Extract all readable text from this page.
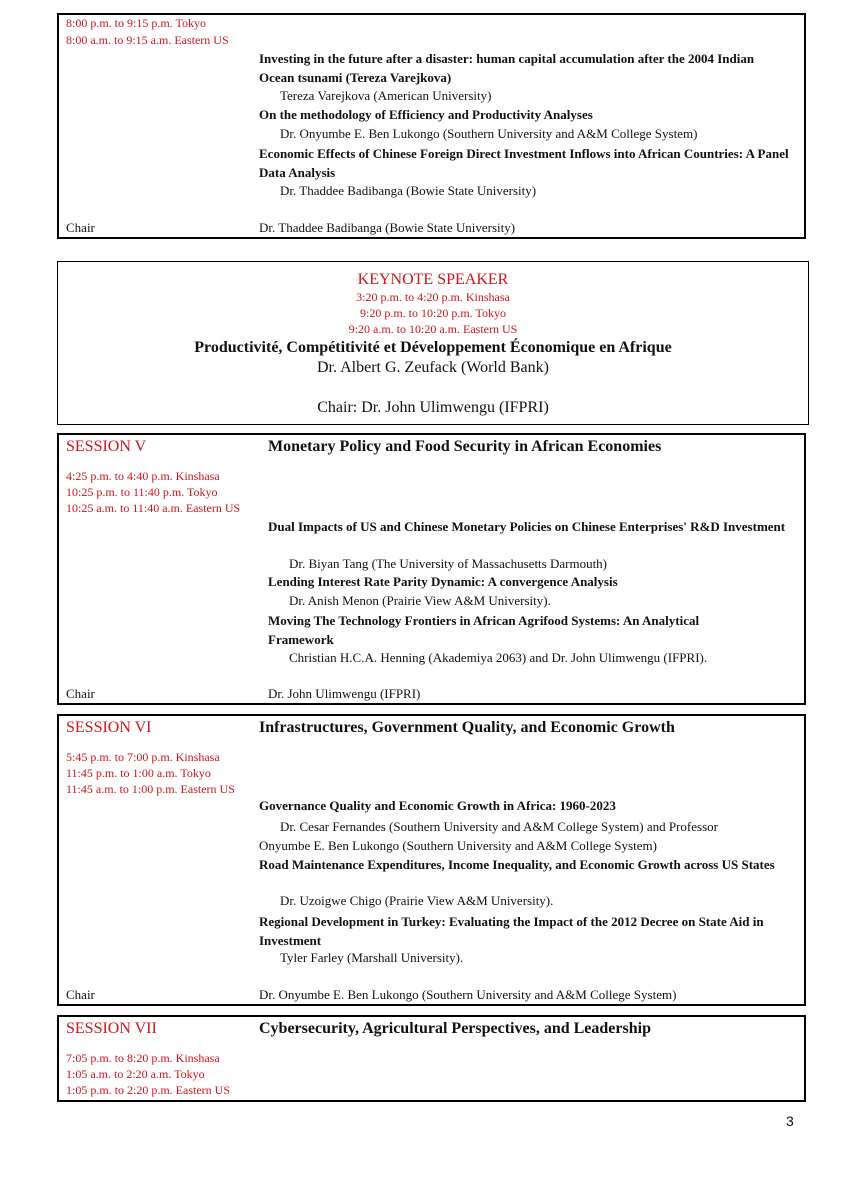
8:00 p.m. to 9:15 p.m. Tokyo
8:00 a.m. to 9:15 a.m. Eastern US
Investing in the future after a disaster: human capital accumulation after the 2004 Indian Ocean tsunami (Tereza Varejkova)
Tereza Varejkova (American University)
On the methodology of Efficiency and Productivity Analyses
Dr. Onyumbe E. Ben Lukongo (Southern University and A&M College System)
Economic Effects of Chinese Foreign Direct Investment Inflows into African Countries: A Panel Data Analysis
Dr. Thaddee Badibanga (Bowie State University)
Chair	Dr. Thaddee Badibanga (Bowie State University)
KEYNOTE SPEAKER
3:20 p.m. to 4:20 p.m. Kinshasa
9:20 p.m. to 10:20 p.m. Tokyo
9:20 a.m. to 10:20 a.m. Eastern US
Productivité, Compétitivité et Développement Économique en Afrique
Dr. Albert G. Zeufack (World Bank)
Chair: Dr. John Ulimwengu (IFPRI)
SESSION V	Monetary Policy and Food Security in African Economies
4:25 p.m. to 4:40 p.m. Kinshasa
10:25 p.m. to 11:40 p.m. Tokyo
10:25 a.m. to 11:40 a.m. Eastern US
Dual Impacts of US and Chinese Monetary Policies on Chinese Enterprises' R&D Investment
Dr. Biyan Tang (The University of Massachusetts Darmouth)
Lending Interest Rate Parity Dynamic: A convergence Analysis
Dr. Anish Menon (Prairie View A&M University).
Moving The Technology Frontiers in African Agrifood Systems: An Analytical Framework
Christian H.C.A. Henning (Akademiya 2063) and Dr. John Ulimwengu (IFPRI).
Chair	Dr. John Ulimwengu (IFPRI)
SESSION VI	Infrastructures, Government Quality, and Economic Growth
5:45 p.m. to 7:00 p.m. Kinshasa
11:45 p.m. to 1:00 a.m. Tokyo
11:45 a.m. to 1:00 p.m. Eastern US
Governance Quality and Economic Growth in Africa: 1960-2023
Dr. Cesar Fernandes (Southern University and A&M College System) and Professor Onyumbe E. Ben Lukongo (Southern University and A&M College System)
Road Maintenance Expenditures, Income Inequality, and Economic Growth across US States
Dr. Uzoigwe Chigo (Prairie View A&M University).
Regional Development in Turkey: Evaluating the Impact of the 2012 Decree on State Aid in Investment
Tyler Farley (Marshall University).
Chair	Dr. Onyumbe E. Ben Lukongo (Southern University and A&M College System)
SESSION VII	Cybersecurity, Agricultural Perspectives, and Leadership
7:05 p.m. to 8:20 p.m. Kinshasa
1:05 a.m. to 2:20 a.m. Tokyo
1:05 p.m. to 2:20 p.m. Eastern US
3
